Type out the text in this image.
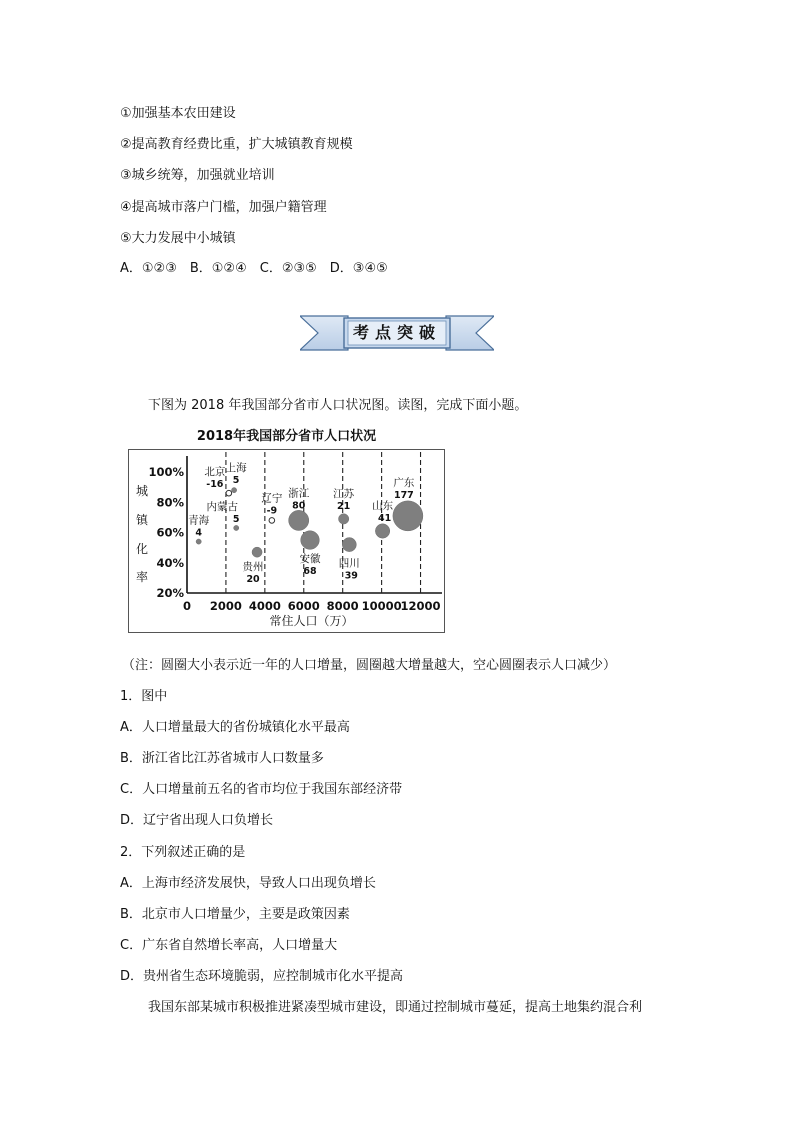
①加强基本农田建设
②提高教育经费比重，扩大城镇教育规模
③城乡统筹，加强就业培训
④提高城市落户门槛，加强户籍管理
⑤大力发展中小城镇
A．①②③　B．①②④　C．②③⑤　D．③④⑤
考点突破
下图为 2018 年我国部分省市人口状况图。读图，完成下面小题。
2018年我国部分省市人口状况
城
镇
化
率
0 2000 4000 6000 8000 10000
12000
20%
40%
60%
80%
100%
常住人口（万）
北京
-16
上海
5
内蒙古
5
辽宁
-9
青海
4
浙江
80
江苏
21 山东
41
广东
177
贵州
20
安徽
68
四川
39
（注：圆圈大小表示近一年的人口增量，圆圈越大增量越大，空心圆圈表示人口减少）
1．图中
A．人口增量最大的省份城镇化水平最高
B．浙江省比江苏省城市人口数量多
C．人口增量前五名的省市均位于我国东部经济带
D．辽宁省出现人口负增长
2．下列叙述正确的是
A．上海市经济发展快，导致人口出现负增长
B．北京市人口增量少，主要是政策因素
C．广东省自然增长率高，人口增量大
D．贵州省生态环境脆弱，应控制城市化水平提高
我国东部某城市积极推进紧凑型城市建设，即通过控制城市蔓延，提高土地集约混合利
